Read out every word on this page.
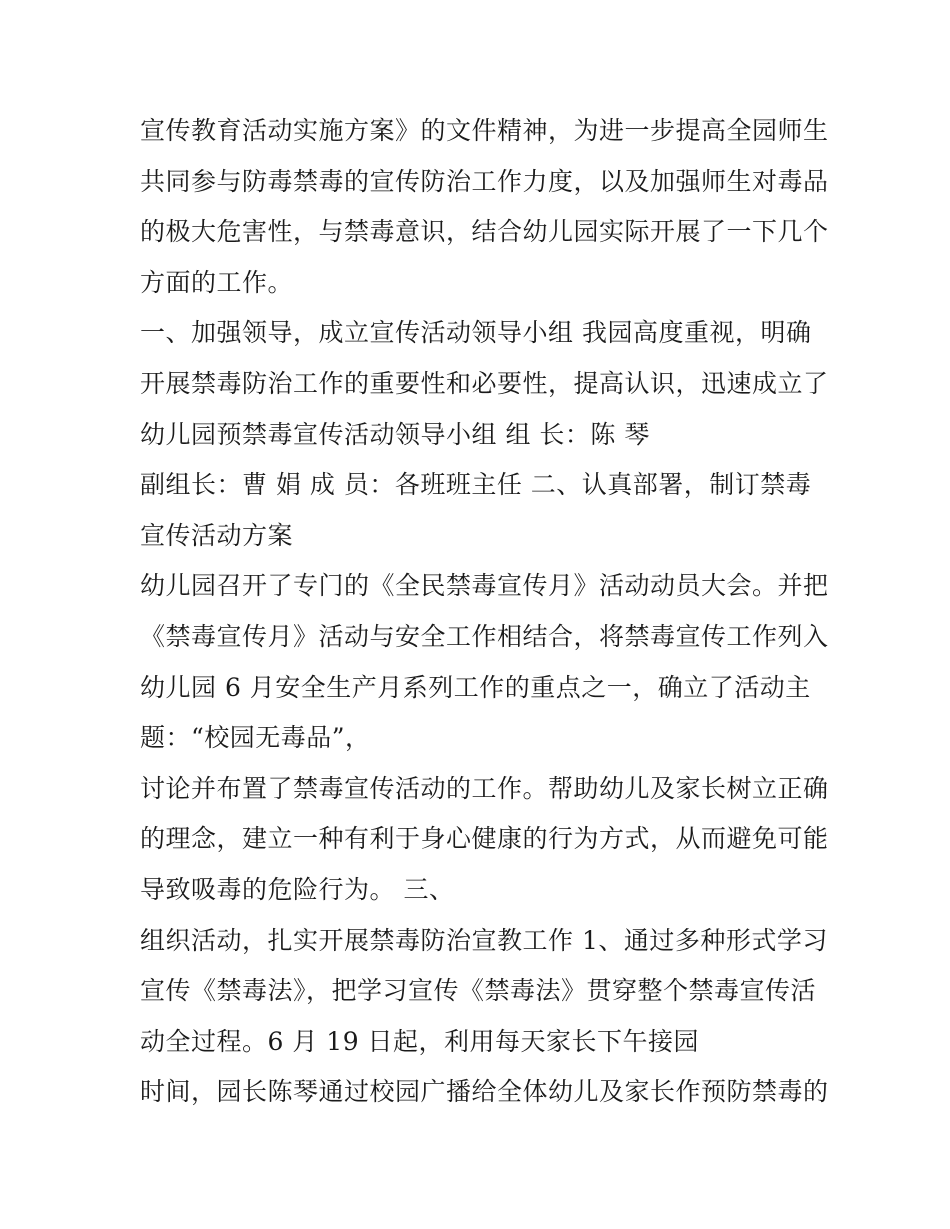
宣传教育活动实施方案》的文件精神，为进一步提高全园师生
共同参与防毒禁毒的宣传防治工作力度，以及加强师生对毒品
的极大危害性，与禁毒意识，结合幼儿园实际开展了一下几个
方面的工作。
一、加强领导，成立宣传活动领导小组 我园高度重视，明确
开展禁毒防治工作的重要性和必要性，提高认识，迅速成立了
幼儿园预禁毒宣传活动领导小组 组 长：陈 琴
副组长：曹 娟 成 员：各班班主任 二、认真部署，制订禁毒
宣传活动方案
幼儿园召开了专门的《全民禁毒宣传月》活动动员大会。并把
《禁毒宣传月》活动与安全工作相结合，将禁毒宣传工作列入
幼儿园 6 月安全生产月系列工作的重点之一，确立了活动主
题：“校园无毒品”，
讨论并布置了禁毒宣传活动的工作。帮助幼儿及家长树立正确
的理念，建立一种有利于身心健康的行为方式，从而避免可能
导致吸毒的危险行为。 三、
组织活动，扎实开展禁毒防治宣教工作 1、通过多种形式学习
宣传《禁毒法》，把学习宣传《禁毒法》贯穿整个禁毒宣传活
动全过程。6 月 19 日起，利用每天家长下午接园
时间，园长陈琴通过校园广播给全体幼儿及家长作预防禁毒的
